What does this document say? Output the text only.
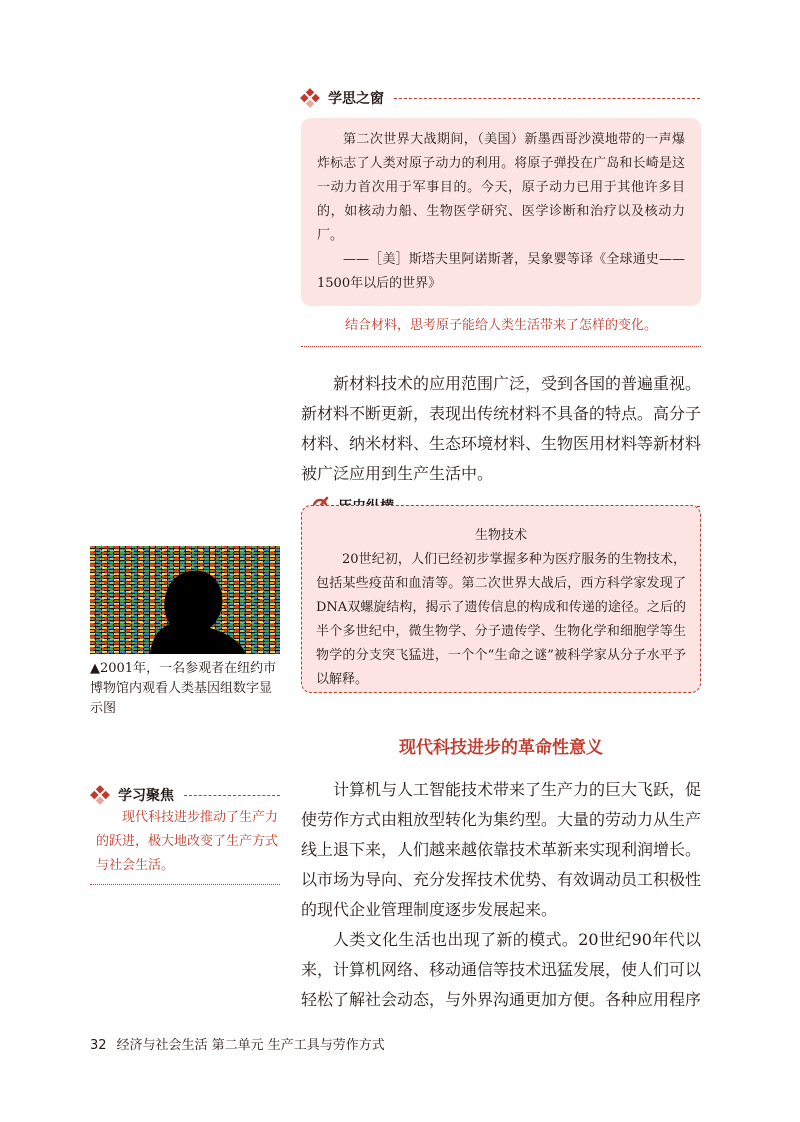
学思之窗

第二次世界大战期间，（美国）新墨西哥沙漠地带的一声爆炸标志了人类对原子动力的利用。将原子弹投在广岛和长崎是这一动力首次用于军事目的。今天，原子动力已用于其他许多目的，如核动力船、生物医学研究、医学诊断和治疗以及核动力厂。

——［美］斯塔夫里阿诺斯著，吴象婴等译《全球通史——1500年以后的世界》

结合材料，思考原子能给人类生活带来了怎样的变化。

新材料技术的应用范围广泛，受到各国的普遍重视。新材料不断更新，表现出传统材料不具备的特点。高分子材料、纳米材料、生态环境材料、生物医用材料等新材料被广泛应用到生产生活中。

生物技术

20世纪初，人们已经初步掌握多种为医疗服务的生物技术，包括某些疫苗和血清等。第二次世界大战后，西方科学家发现了DNA双螺旋结构，揭示了遗传信息的构成和传递的途径。之后的半个多世纪中，微生物学、分子遗传学、生物化学和细胞学等生物学的分支突飞猛进，一个个“生命之谜”被科学家从分子水平予以解释。

▲2001年，一名参观者在纽约市博物馆内观看人类基因组数字显示图
现代科技进步的革命性意义
学习聚焦

现代科技进步推动了生产力的跃进，极大地改变了生产方式与社会生活。

计算机与人工智能技术带来了生产力的巨大飞跃，促使劳作方式由粗放型转化为集约型。大量的劳动力从生产线上退下来，人们越来越依靠技术革新来实现利润增长。以市场为导向、充分发挥技术优势、有效调动员工积极性的现代企业管理制度逐步发展起来。

人类文化生活也出现了新的模式。20世纪90年代以来，计算机网络、移动通信等技术迅猛发展，使人们可以轻松了解社会动态，与外界沟通更加方便。各种应用程序

32 经济与社会生活 第二单元 生产工具与劳作方式
